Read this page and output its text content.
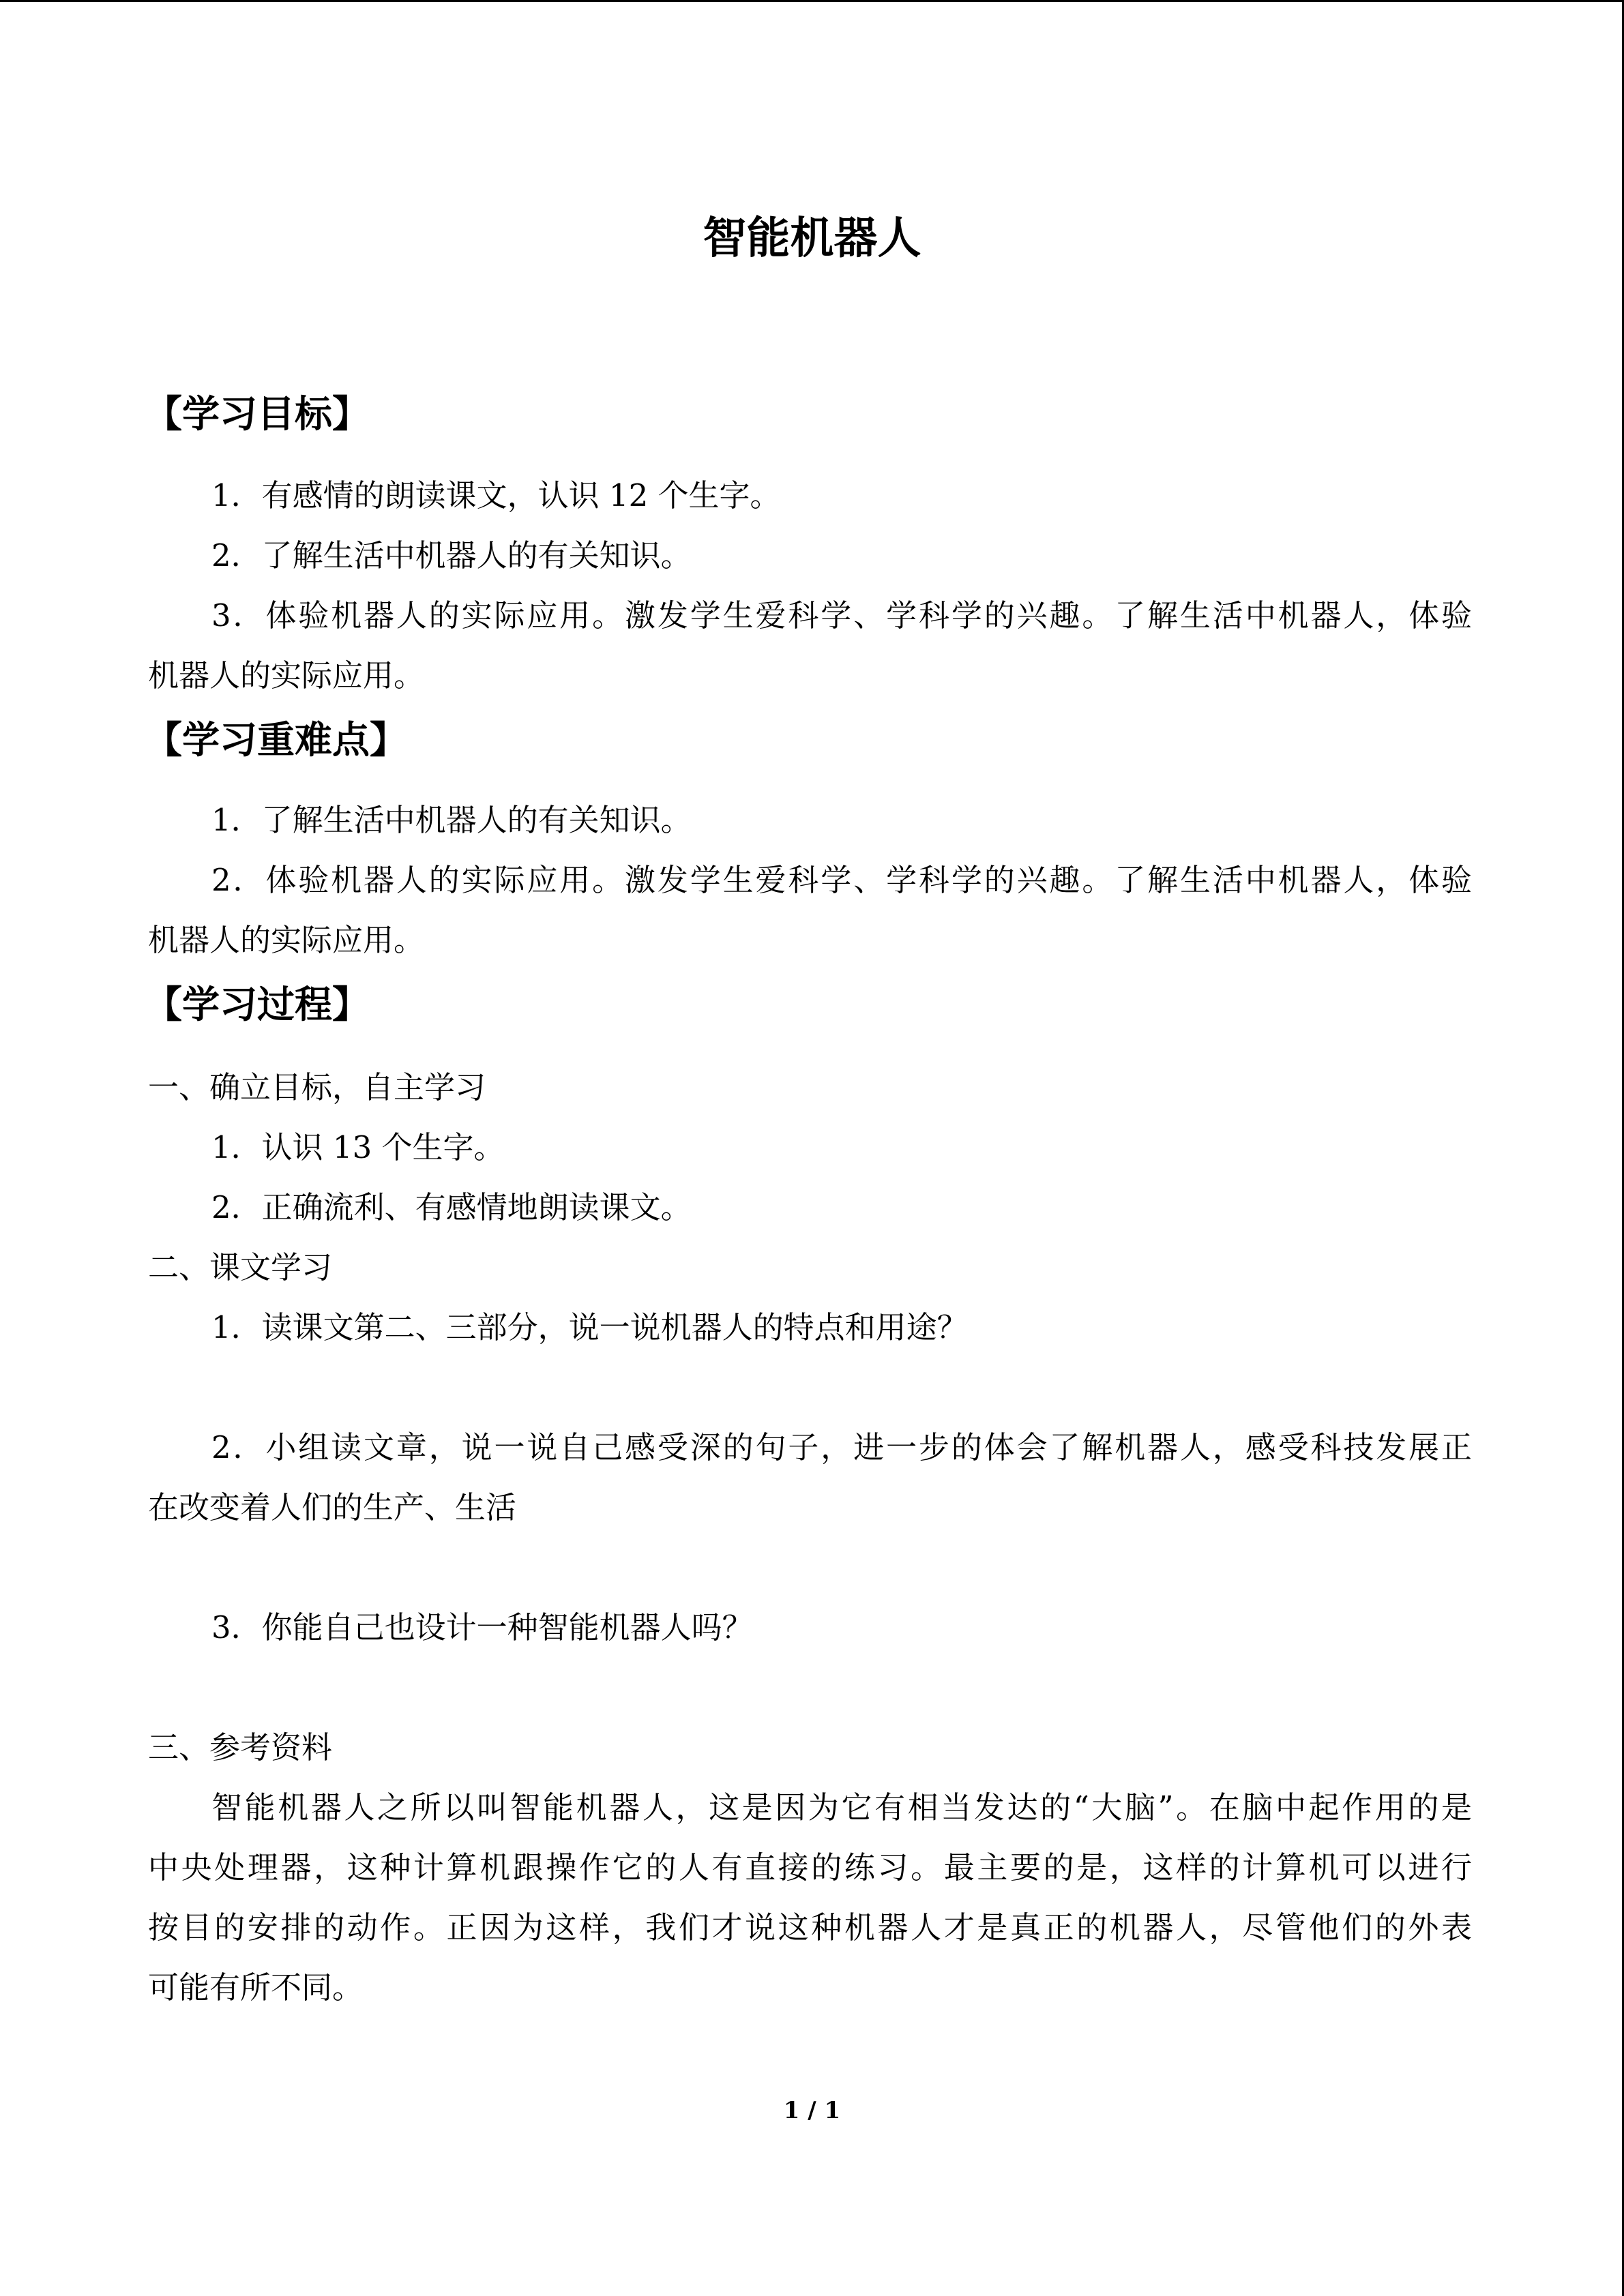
智能机器人
【学习目标】
1．有感情的朗读课文，认识 12 个生字。
2．了解生活中机器人的有关知识。
3．体验机器人的实际应用。激发学生爱科学、学科学的兴趣。了解生活中机器人，体验
机器人的实际应用。
【学习重难点】
1．了解生活中机器人的有关知识。
2．体验机器人的实际应用。激发学生爱科学、学科学的兴趣。了解生活中机器人，体验
机器人的实际应用。
【学习过程】
一、确立目标，自主学习
1．认识 13 个生字。
2．正确流利、有感情地朗读课文。
二、课文学习
1．读课文第二、三部分，说一说机器人的特点和用途？
2．小组读文章，说一说自己感受深的句子，进一步的体会了解机器人，感受科技发展正
在改变着人们的生产、生活
3．你能自己也设计一种智能机器人吗？
三、参考资料
智能机器人之所以叫智能机器人，这是因为它有相当发达的“大脑”。在脑中起作用的是
中央处理器，这种计算机跟操作它的人有直接的练习。最主要的是，这样的计算机可以进行
按目的安排的动作。正因为这样，我们才说这种机器人才是真正的机器人，尽管他们的外表
可能有所不同。
1 / 1
